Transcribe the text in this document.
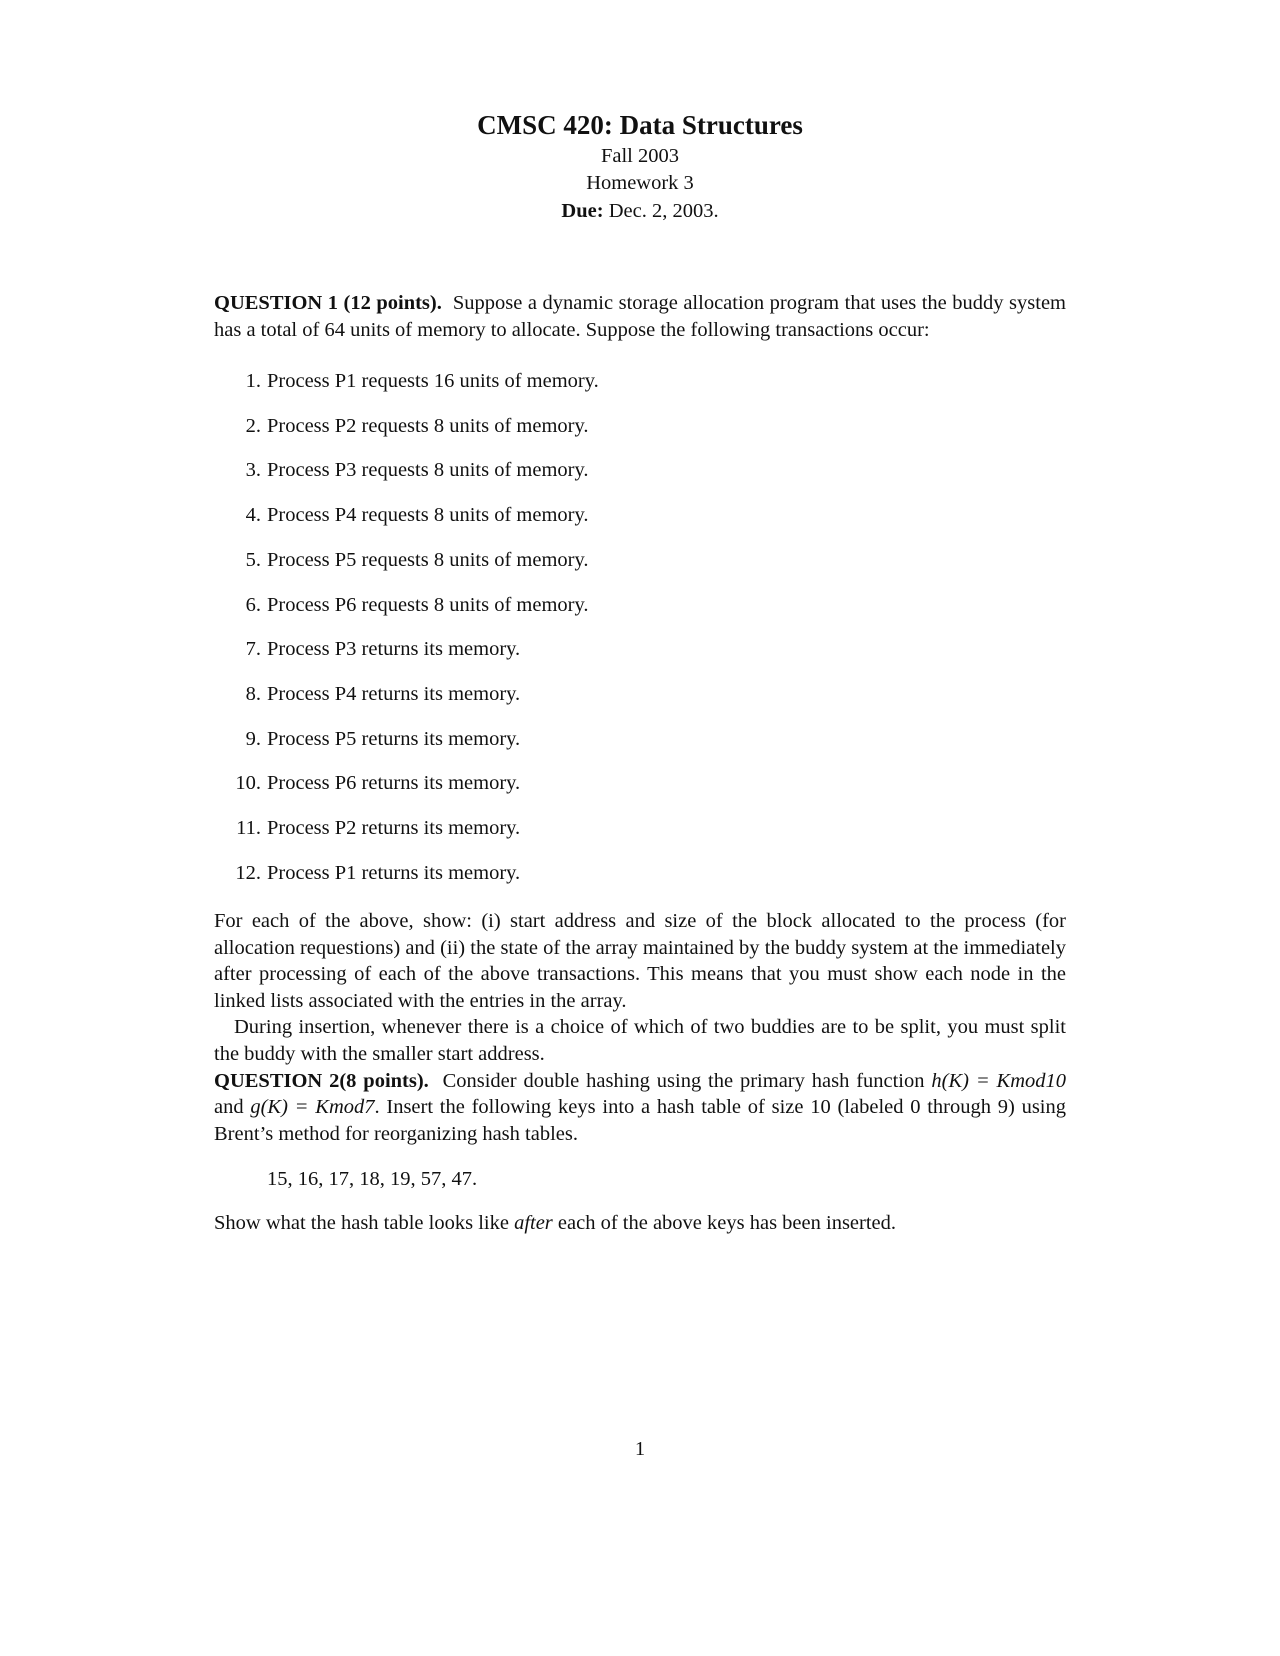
CMSC 420: Data Structures
Fall 2003
Homework 3
Due: Dec. 2, 2003.
QUESTION 1 (12 points). Suppose a dynamic storage allocation program that uses the buddy system has a total of 64 units of memory to allocate. Suppose the following transactions occur:
1. Process P1 requests 16 units of memory.
2. Process P2 requests 8 units of memory.
3. Process P3 requests 8 units of memory.
4. Process P4 requests 8 units of memory.
5. Process P5 requests 8 units of memory.
6. Process P6 requests 8 units of memory.
7. Process P3 returns its memory.
8. Process P4 returns its memory.
9. Process P5 returns its memory.
10. Process P6 returns its memory.
11. Process P2 returns its memory.
12. Process P1 returns its memory.
For each of the above, show: (i) start address and size of the block allocated to the process (for allocation requestions) and (ii) the state of the array maintained by the buddy system at the immediately after processing of each of the above transactions. This means that you must show each node in the linked lists associated with the entries in the array.
During insertion, whenever there is a choice of which of two buddies are to be split, you must split the buddy with the smaller start address.
QUESTION 2(8 points). Consider double hashing using the primary hash function h(K) = Kmod10 and g(K) = Kmod7. Insert the following keys into a hash table of size 10 (labeled 0 through 9) using Brent’s method for reorganizing hash tables.
15, 16, 17, 18, 19, 57, 47.
Show what the hash table looks like after each of the above keys has been inserted.
1
